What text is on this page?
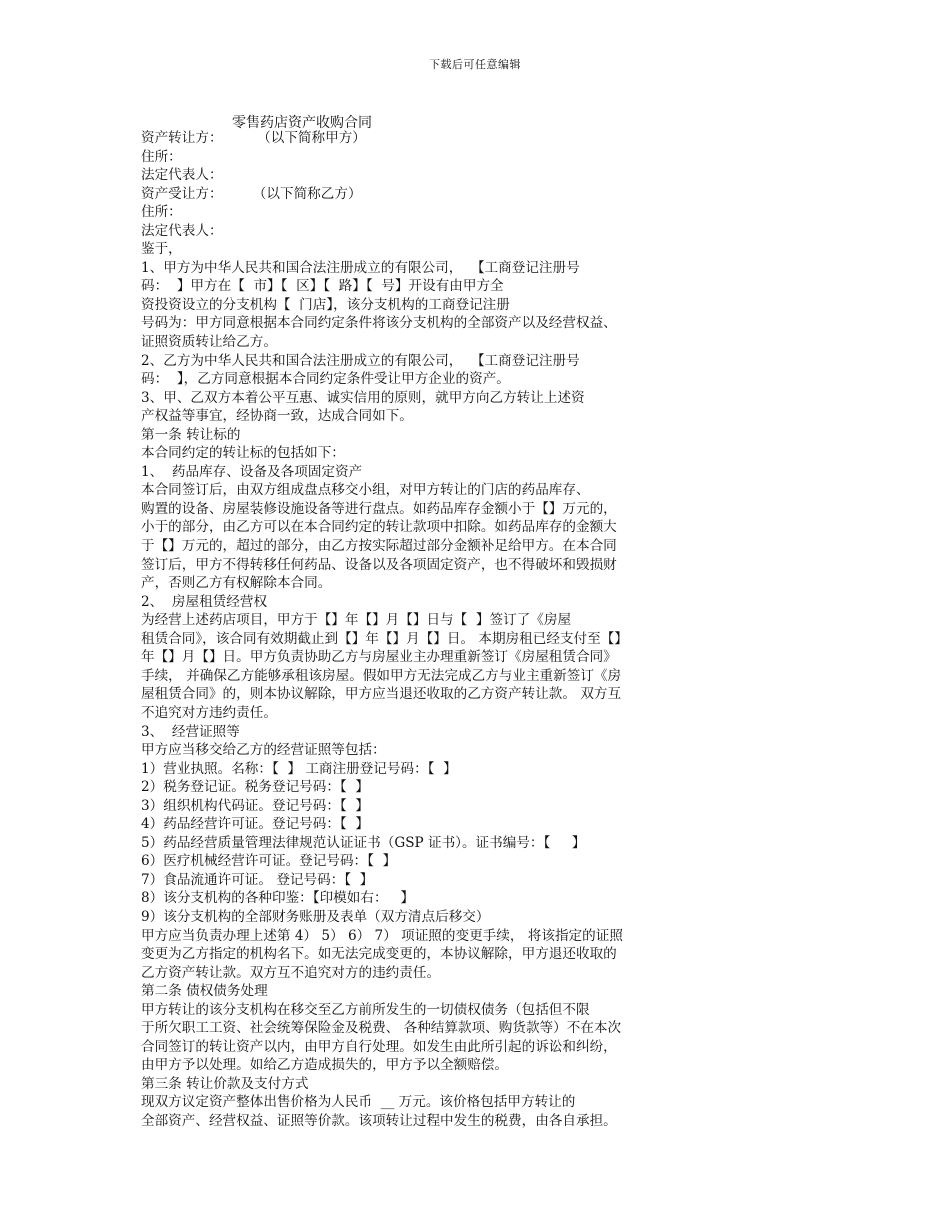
下载后可任意编辑
零售药店资产收购合同
资产转让方：        （以下简称甲方）
住所：
法定代表人：
资产受让方：       （以下简称乙方）
住所：
法定代表人：
鉴于，
1、甲方为中华人民共和国合法注册成立的有限公司，  【工商登记注册号
码：  】甲方在【  市】【  区】【  路】【  号】开设有由甲方全
资投资设立的分支机构【  门店】，该分支机构的工商登记注册
号码为：甲方同意根据本合同约定条件将该分支机构的全部资产以及经营权益、
证照资质转让给乙方。
2、乙方为中华人民共和国合法注册成立的有限公司，  【工商登记注册号
码：  】，乙方同意根据本合同约定条件受让甲方企业的资产。
3、甲、乙双方本着公平互惠、诚实信用的原则，就甲方向乙方转让上述资
产权益等事宜，经协商一致，达成合同如下。
第一条 转让标的
本合同约定的转让标的包括如下：
1、  药品库存、设备及各项固定资产
本合同签订后，由双方组成盘点移交小组，对甲方转让的门店的药品库存、
购置的设备、房屋装修设施设备等进行盘点。如药品库存金额小于【】万元的，
小于的部分，由乙方可以在本合同约定的转让款项中扣除。如药品库存的金额大
于【】万元的，超过的部分，由乙方按实际超过部分金额补足给甲方。在本合同
签订后，甲方不得转移任何药品、设备以及各项固定资产，也不得破坏和毁损财
产，否则乙方有权解除本合同。
2、  房屋租赁经营权
为经营上述药店项目，甲方于【】年【】月【】日与【  】签订了《房屋
租赁合同》，该合同有效期截止到【】年【】月【】日。 本期房租已经支付至【】
年【】月【】日。甲方负责协助乙方与房屋业主办理重新签订《房屋租赁合同》
手续， 并确保乙方能够承租该房屋。假如甲方无法完成乙方与业主重新签订《房
屋租赁合同》的，则本协议解除，甲方应当退还收取的乙方资产转让款。 双方互
不追究对方违约责任。
3、  经营证照等
甲方应当移交给乙方的经营证照等包括：
1）营业执照。名称：【  】 工商注册登记号码：【  】
2）税务登记证。税务登记号码：【  】
3）组织机构代码证。登记号码：【  】
4）药品经营许可证。登记号码：【  】
5）药品经营质量管理法律规范认证证书（GSP 证书）。证书编号：【     】
6）医疗机械经营许可证。登记号码：【  】
7）食品流通许可证。 登记号码：【  】
8）该分支机构的各种印鉴：【印模如右：   】
9）该分支机构的全部财务账册及表单（双方清点后移交）
甲方应当负责办理上述第 4） 5） 6） 7） 项证照的变更手续， 将该指定的证照
变更为乙方指定的机构名下。如无法完成变更的，本协议解除，甲方退还收取的
乙方资产转让款。双方互不追究对方的违约责任。
第二条 债权债务处理
甲方转让的该分支机构在移交至乙方前所发生的一切债权债务（包括但不限
于所欠职工工资、社会统筹保险金及税费、 各种结算款项、购货款等）不在本次
合同签订的转让资产以内，由甲方自行处理。如发生由此所引起的诉讼和纠纷，
由甲方予以处理。如给乙方造成损失的，甲方予以全额赔偿。
第三条 转让价款及支付方式
现双方议定资产整体出售价格为人民币  __ 万元。该价格包括甲方转让的
全部资产、经营权益、证照等价款。该项转让过程中发生的税费，由各自承担。
